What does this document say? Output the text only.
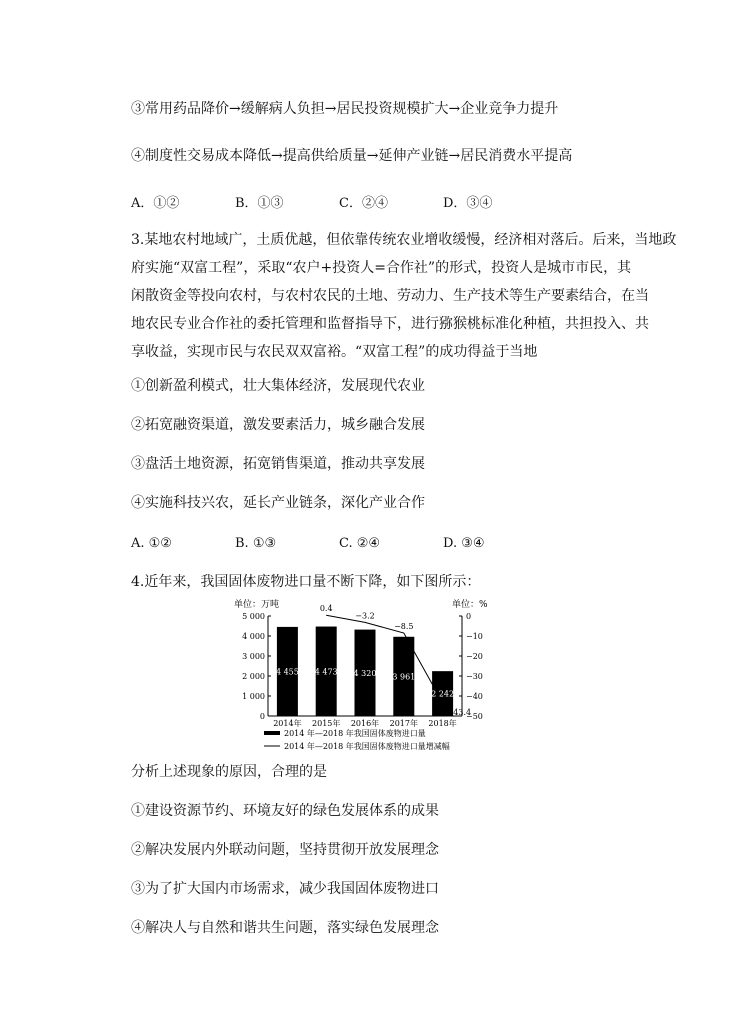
③常用药品降价→缓解病人负担→居民投资规模扩大→企业竞争力提升
④制度性交易成本降低→提高供给质量→延伸产业链→居民消费水平提高
A．①②	B．①③	C．②④	D．③④
3.某地农村地域广，土质优越，但依靠传统农业增收缓慢，经济相对落后。后来，当地政
府实施“双富工程”，采取“农户+投资人=合作社”的形式，投资人是城市市民，其
闲散资金等投向农村，与农村农民的土地、劳动力、生产技术等生产要素结合，在当
地农民专业合作社的委托管理和监督指导下，进行猕猴桃标准化种植，共担投入、共
享收益，实现市民与农民双双富裕。“双富工程”的成功得益于当地
①创新盈利模式，壮大集体经济，发展现代农业
②拓宽融资渠道，激发要素活力，城乡融合发展
③盘活土地资源，拓宽销售渠道，推动共享发展
④实施科技兴农，延长产业链条，深化产业合作
A. ①②	B. ①③	C. ②④	D. ③④
4.近年来，我国固体废物进口量不断下降，如下图所示：
单位：万吨	单位：%
0
1 000
2 000
3 000
4 000
5 000	0
−10
−20
−30
−40
−50
2014年 2015年 2016年 2017年 2018年
4 455 4 473 4 320 3 961
2 242
0.4
−3.2
−8.5
−43.4
2014 年—2018 年我国固体废物进口量
2014 年—2018 年我国固体废物进口量增减幅
分析上述现象的原因，合理的是
①建设资源节约、环境友好的绿色发展体系的成果
②解决发展内外联动问题，坚持贯彻开放发展理念
③为了扩大国内市场需求，减少我国固体废物进口
④解决人与自然和谐共生问题，落实绿色发展理念
